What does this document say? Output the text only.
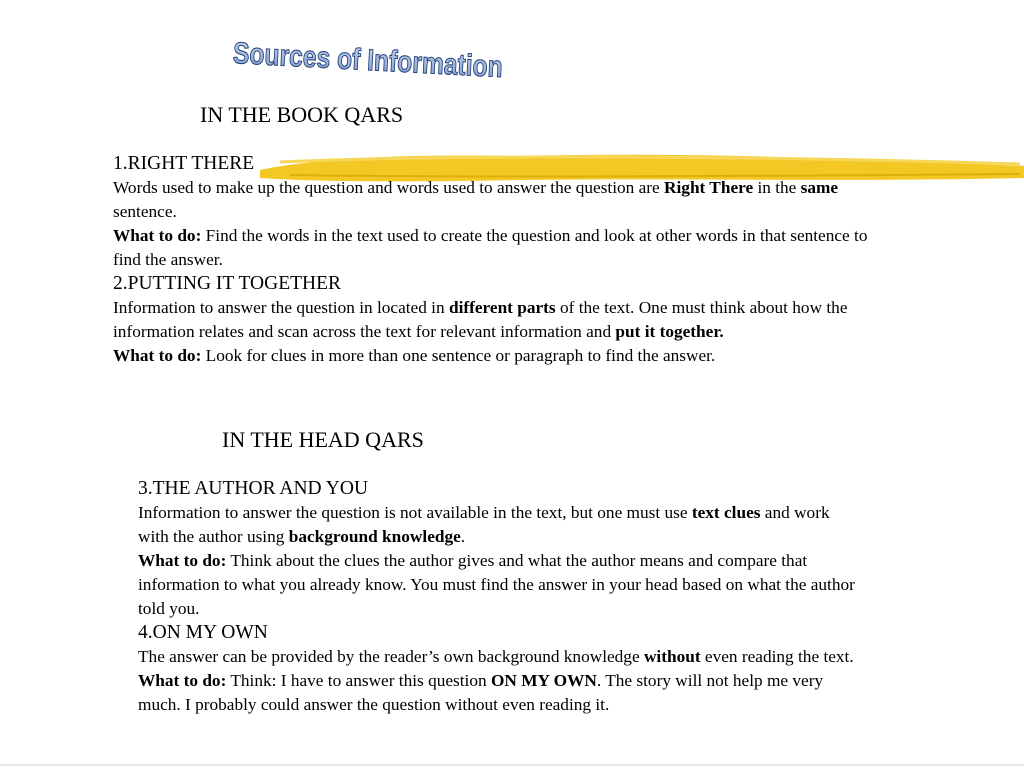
Sources of Information
IN THE BOOK QARS
1.RIGHT THERE

Words used to make up the question and words used to answer the question are Right There in the same sentence.

What to do: Find the words in the text used to create the question and look at other words in that sentence to find the answer.

2.PUTTING IT TOGETHER

Information to answer the question in located in different parts of the text. One must think about how the information relates and scan across the text for relevant information and put it together.

What to do: Look for clues in more than one sentence or paragraph to find the answer.

IN THE HEAD QARS
3.THE AUTHOR AND YOU

Information to answer the question is not available in the text, but one must use text clues and work with the author using background knowledge.

What to do: Think about the clues the author gives and what the author means and compare that information to what you already know. You must find the answer in your head based on what the author told you.

4.ON MY OWN

The answer can be provided by the reader’s own background knowledge without even reading the text.

What to do: Think: I have to answer this question ON MY OWN. The story will not help me very much. I probably could answer the question without even reading it.
